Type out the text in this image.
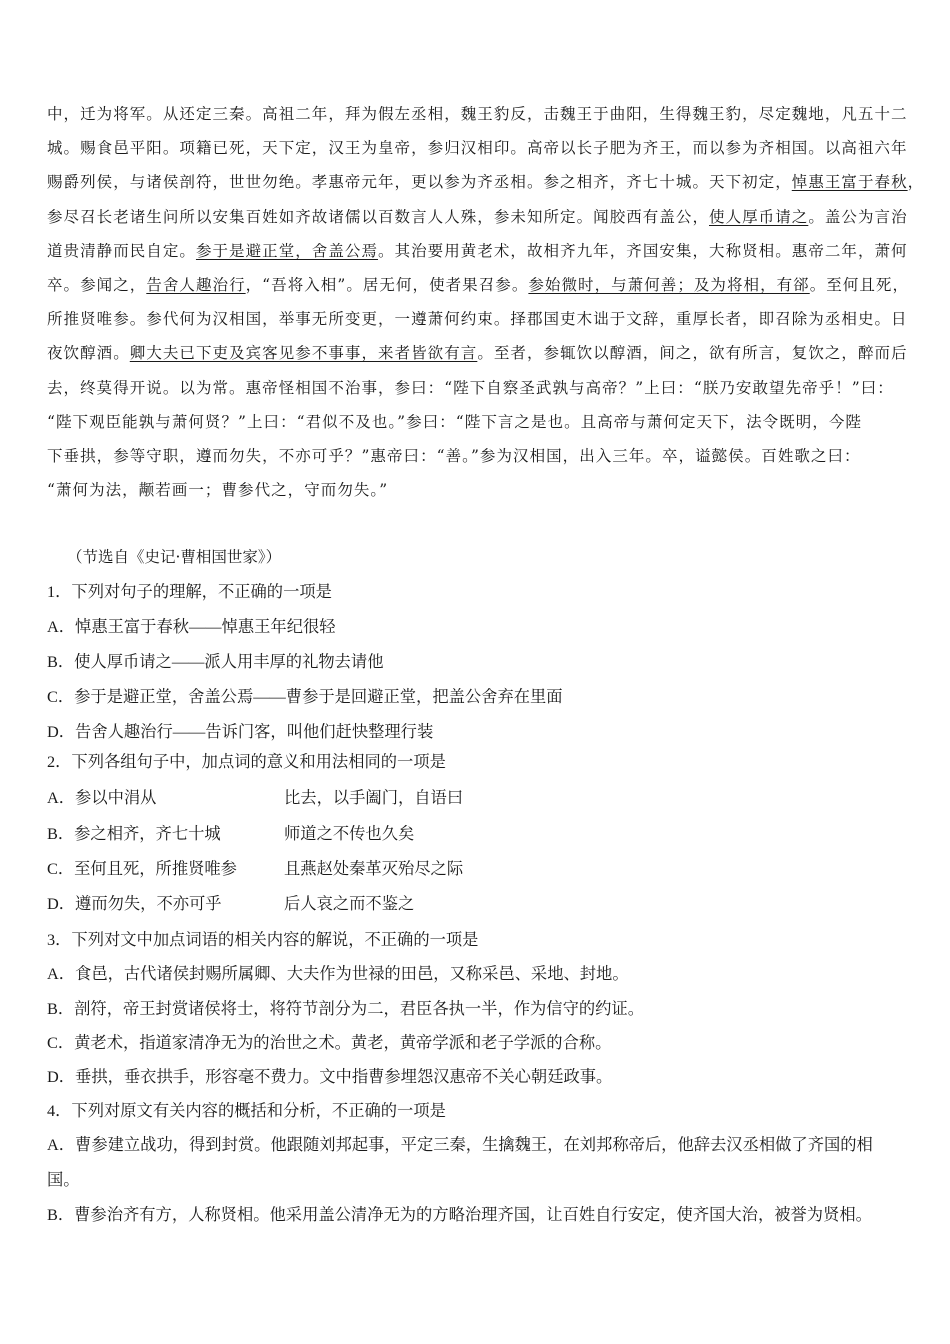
中，迁为将军。从还定三秦。高祖二年，拜为假左丞相，魏王豹反，击魏王于曲阳，生得魏王豹，尽定魏地，凡五十二
城。赐食邑平阳。项籍已死，天下定，汉王为皇帝，参归汉相印。高帝以长子肥为齐王，而以参为齐相国。以高祖六年
赐爵列侯，与诸侯剖符，世世勿绝。孝惠帝元年，更以参为齐丞相。参之相齐，齐七十城。天下初定，悼惠王富于春秋，
参尽召长老诸生问所以安集百姓如齐故诸儒以百数言人人殊，参未知所定。闻胶西有盖公，使人厚币请之。盖公为言治
道贵清静而民自定。参于是避正堂，舍盖公焉。其治要用黄老术，故相齐九年，齐国安集，大称贤相。惠帝二年，萧何
卒。参闻之，告舍人趣治行，“吾将入相”。居无何，使者果召参。参始微时，与萧何善；及为将相，有郤。至何且死，
所推贤唯参。参代何为汉相国，举事无所变更，一遵萧何约束。择郡国吏木诎于文辞，重厚长者，即召除为丞相史。日
夜饮醇酒。卿大夫已下吏及宾客见参不事事，来者皆欲有言。至者，参辄饮以醇酒，间之，欲有所言，复饮之，醉而后
去，终莫得开说。以为常。惠帝怪相国不治事，参曰：“陛下自察圣武孰与高帝？”上曰：“朕乃安敢望先帝乎！”曰：
“陛下观臣能孰与萧何贤？”上曰：“君似不及也。”参曰：“陛下言之是也。且高帝与萧何定天下，法令既明，今陛
下垂拱，参等守职，遵而勿失，不亦可乎？”惠帝曰：“善。”参为汉相国，出入三年。卒，谥懿侯。百姓歌之曰：
“萧何为法，颟若画一；曹参代之，守而勿失。”
（节选自《史记·曹相国世家》）
1．下列对句子的理解，不正确的一项是
A．悼惠王富于春秋——悼惠王年纪很轻
B．使人厚币请之——派人用丰厚的礼物去请他
C．参于是避正堂，舍盖公焉——曹参于是回避正堂，把盖公舍弃在里面
D．告舍人趣治行——告诉门客，叫他们赶快整理行装
2．下列各组句子中，加点词的意义和用法相同的一项是
A．参以中涓从	比去，以手阖门，自语曰
B．参之相齐，齐七十城	师道之不传也久矣
C．至何且死，所推贤唯参	且燕赵处秦革灭殆尽之际
D．遵而勿失，不亦可乎	后人哀之而不鉴之
3．下列对文中加点词语的相关内容的解说，不正确的一项是
A．食邑，古代诸侯封赐所属卿、大夫作为世禄的田邑，又称采邑、采地、封地。
B．剖符，帝王封赏诸侯将士，将符节剖分为二，君臣各执一半，作为信守的约证。
C．黄老术，指道家清净无为的治世之术。黄老，黄帝学派和老子学派的合称。
D．垂拱，垂衣拱手，形容毫不费力。文中指曹参埋怨汉惠帝不关心朝廷政事。
4．下列对原文有关内容的概括和分析，不正确的一项是
A．曹参建立战功，得到封赏。他跟随刘邦起事，平定三秦，生擒魏王，在刘邦称帝后，他辞去汉丞相做了齐国的相
国。
B．曹参治齐有方，人称贤相。他采用盖公清净无为的方略治理齐国，让百姓自行安定，使齐国大治，被誉为贤相。
